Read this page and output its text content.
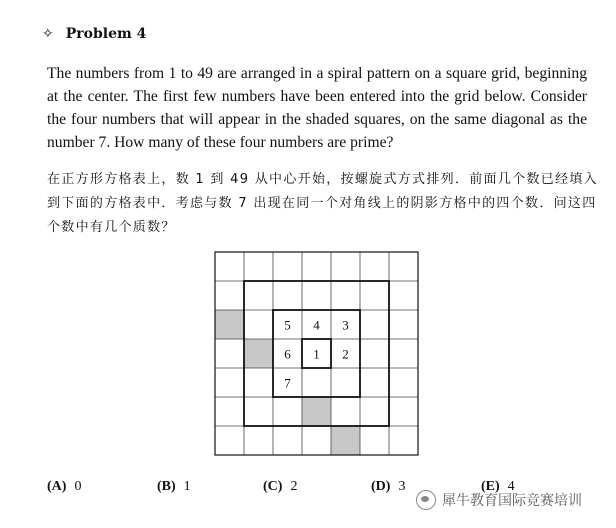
✧ Problem 4

The numbers from 1 to 49 are arranged in a spiral pattern on a square grid, beginning at the center. The first few numbers have been entered into the grid below. Consider the four numbers that will appear in the shaded squares, on the same diagonal as the number 7. How many of these four numbers are prime?

在正方形方格表上，数 1 到 49 从中心开始，按螺旋式方式排列．前面几个数已经填入到下面的方格表中．考虑与数 7 出现在同一个对角线上的阴影方格中的四个数．问这四个数中有几个质数？

5 4 3
6 1 2
7
(A) 0	(B) 1	(C) 2	(D) 3	(E) 4
犀牛教育国际竞赛培训
